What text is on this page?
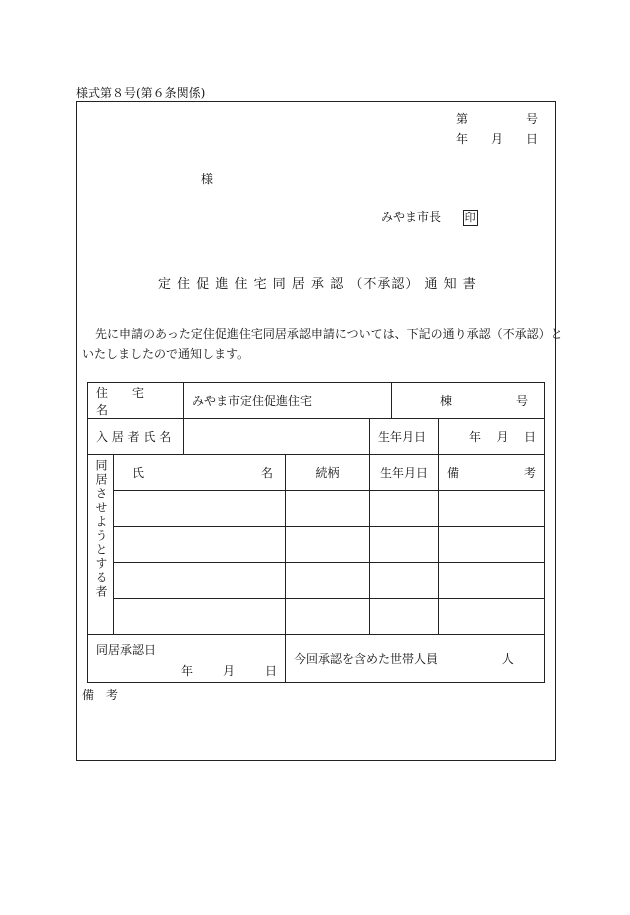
様式第８号(第６条関係)
第	号
年 月 日
様
みやま市長 印
定 住 促 進 住 宅 同 居 承 認 （不承認） 通 知 書
先に申請のあった定住促進住宅同居承認申請については、下記の通り承認（不承認）と
いたしましたので通知します。
住　　宅　　名		みやま市定住促進住宅			棟 号	

入 居 者 氏 名				生年月日		年 月 日

同居させようとする者	氏 名		続柄	生年月日		備 考

同居承認日
年 月 日			今回承認を含めた世帯人員 人			
備　考
